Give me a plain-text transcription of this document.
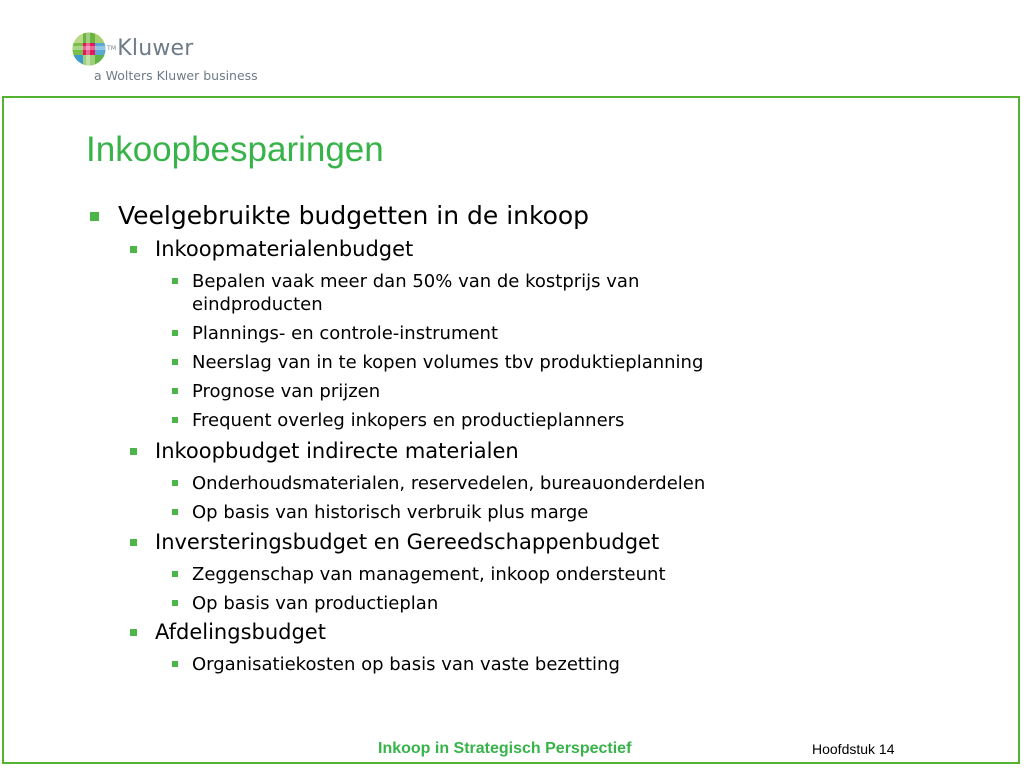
TMKluwer
a Wolters Kluwer business
Inkoopbesparingen
Veelgebruikte budgetten in de inkoop
Inkoopmaterialenbudget
Bepalen vaak meer dan 50% van de kostprijs van
eindproducten
Plannings- en controle-instrument
Neerslag van in te kopen volumes tbv produktieplanning
Prognose van prijzen
Frequent overleg inkopers en productieplanners
Inkoopbudget indirecte materialen
Onderhoudsmaterialen, reservedelen, bureauonderdelen
Op basis van historisch verbruik plus marge
Inversteringsbudget en Gereedschappenbudget
Zeggenschap van management, inkoop ondersteunt
Op basis van productieplan
Afdelingsbudget
Organisatiekosten op basis van vaste bezetting
Inkoop in Strategisch Perspectief	Hoofdstuk 14
